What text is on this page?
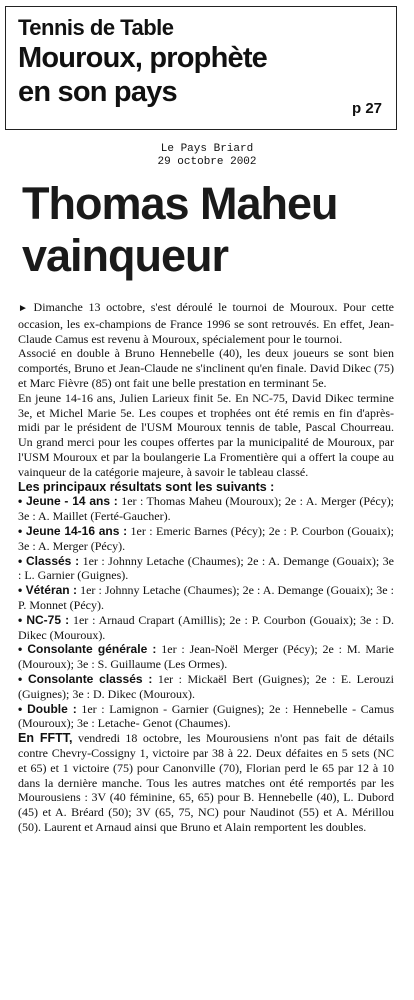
Tennis de Table
Mouroux, prophète
en son pays
p 27
Le Pays Briard
29 octobre 2002
Thomas Maheu
vainqueur

► Dimanche 13 octobre, s'est déroulé le tournoi de Mouroux. Pour cette occasion, les ex-champions de France 1996 se sont retrouvés. En effet, Jean-Claude Camus est revenu à Mouroux, spécialement pour le tournoi.

Associé en double à Bruno Hennebelle (40), les deux joueurs se sont bien comportés, Bruno et Jean-Claude ne s'inclinent qu'en finale. David Dikec (75) et Marc Fièvre (85) ont fait une belle prestation en terminant 5e.

En jeune 14-16 ans, Julien Larieux finit 5e. En NC-75, David Dikec termine 3e, et Michel Marie 5e. Les coupes et trophées ont été remis en fin d'après-midi par le président de l'USM Mouroux tennis de table, Pascal Chourreau. Un grand merci pour les coupes offertes par la municipalité de Mouroux, par l'USM Mouroux et par la boulangerie La Fromentière qui a offert la coupe au vainqueur de la catégorie majeure, à savoir le tableau classé.

Les principaux résultats sont les suivants :

• Jeune - 14 ans : 1er : Thomas Maheu (Mouroux); 2e : A. Merger (Pécy); 3e : A. Maillet (Ferté-Gaucher).

• Jeune 14-16 ans : 1er : Emeric Barnes (Pécy); 2e : P. Courbon (Gouaix); 3e : A. Merger (Pécy).

• Classés : 1er : Johnny Letache (Chaumes); 2e : A. Demange (Gouaix); 3e : L. Garnier (Guignes).

• Vétéran : 1er : Johnny Letache (Chaumes); 2e : A. Demange (Gouaix); 3e : P. Monnet (Pécy).

• NC-75 : 1er : Arnaud Crapart (Amillis); 2e : P. Courbon (Gouaix); 3e : D. Dikec (Mouroux).

• Consolante générale : 1er : Jean-Noël Merger (Pécy); 2e : M. Marie (Mouroux); 3e : S. Guillaume (Les Ormes).

• Consolante classés : 1er : Mickaël Bert (Guignes); 2e : E. Lerouzi (Guignes); 3e : D. Dikec (Mouroux).

• Double : 1er : Lamignon - Garnier (Guignes); 2e : Hennebelle - Camus (Mouroux); 3e : Letache- Genot (Chaumes).

En FFTT, vendredi 18 octobre, les Mourousiens n'ont pas fait de détails contre Chevry-Cossigny 1, victoire par 38 à 22. Deux défaites en 5 sets (NC et 65) et 1 victoire (75) pour Canonville (70), Florian perd le 65 par 12 à 10 dans la dernière manche. Tous les autres matches ont été remportés par les Mourousiens : 3V (40 féminine, 65, 65) pour B. Hennebelle (40), L. Dubord (45) et A. Bréard (50); 3V (65, 75, NC) pour Naudinot (55) et A. Mérillou (50). Laurent et Arnaud ainsi que Bruno et Alain remportent les doubles.
